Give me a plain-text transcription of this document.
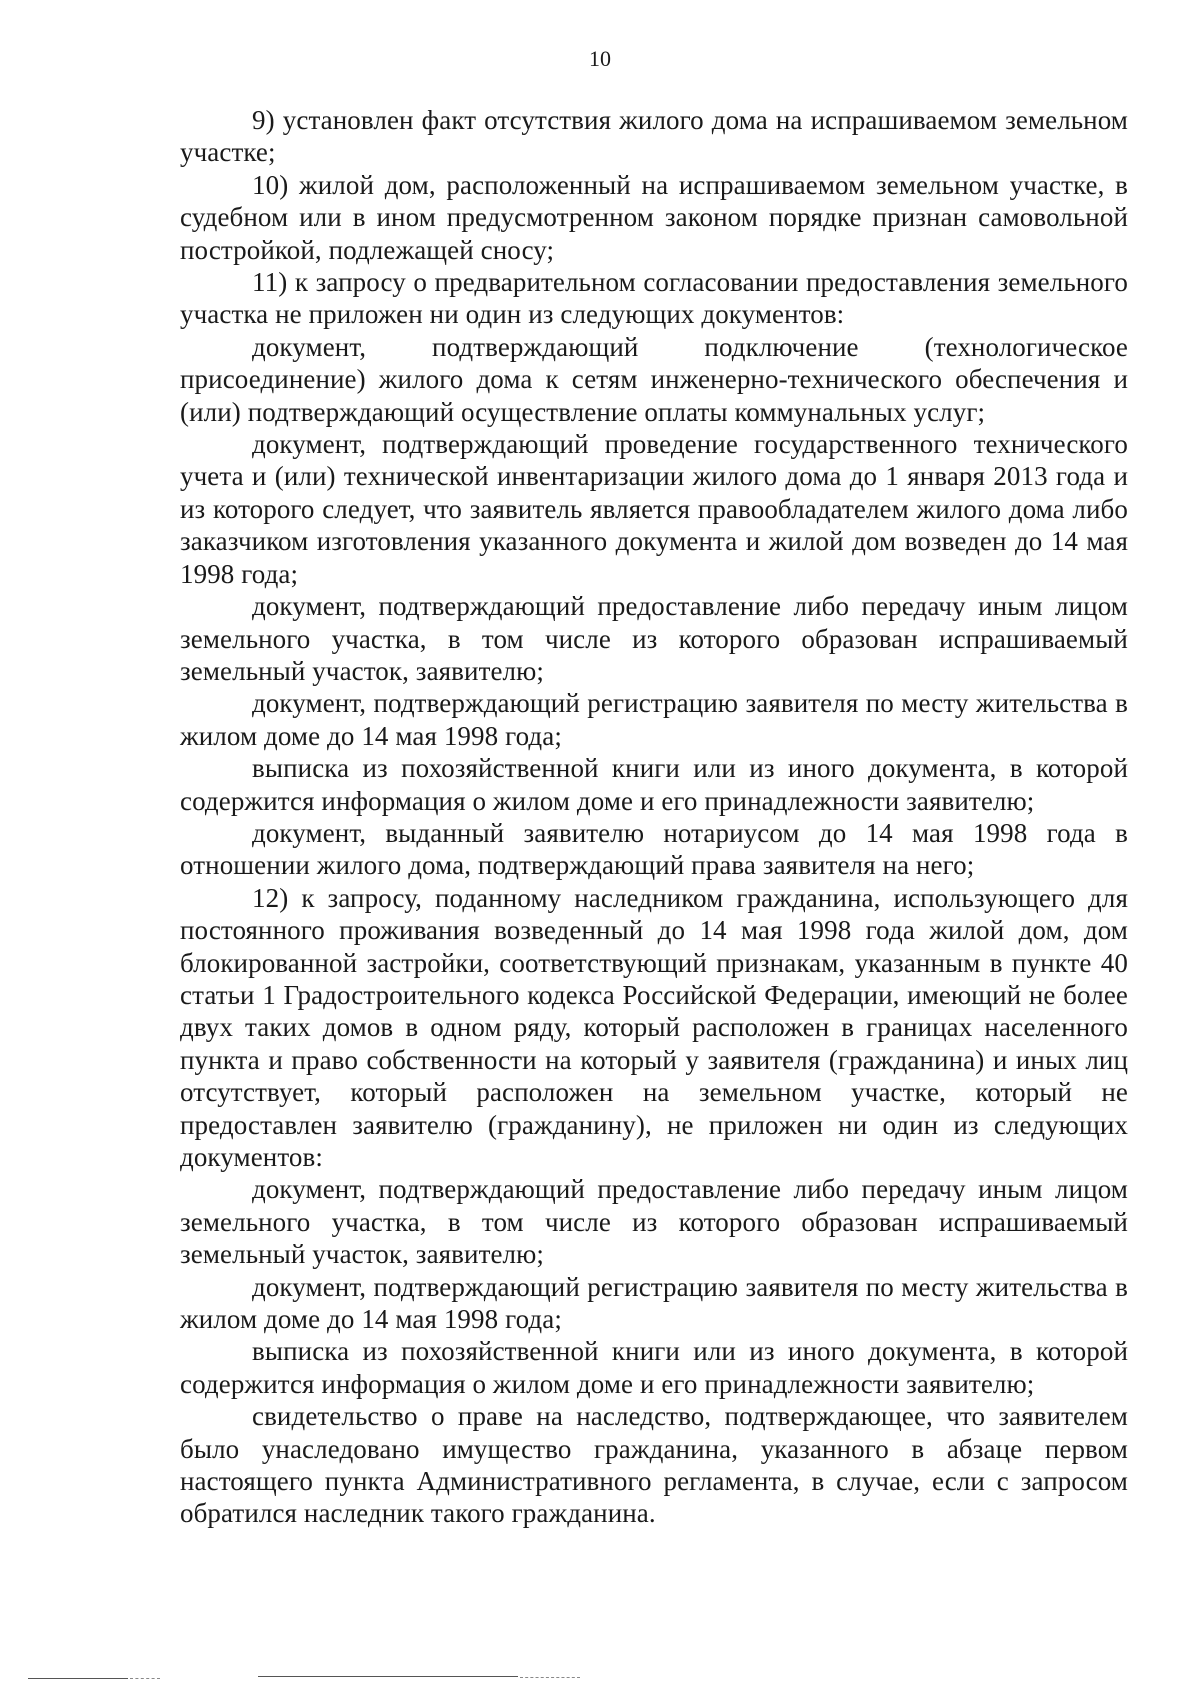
10

9) установлен факт отсутствия жилого дома на испрашиваемом земельном участке;

10) жилой дом, расположенный на испрашиваемом земельном участке, в судебном или в ином предусмотренном законом порядке признан самовольной постройкой, подлежащей сносу;

11) к запросу о предварительном согласовании предоставления земельного участка не приложен ни один из следующих документов:

документ, подтверждающий подключение (технологическое присоединение) жилого дома к сетям инженерно-технического обеспечения и (или) подтверждающий осуществление оплаты коммунальных услуг;

документ, подтверждающий проведение государственного технического учета и (или) технической инвентаризации жилого дома до 1 января 2013 года и из которого следует, что заявитель является правообладателем жилого дома либо заказчиком изготовления указанного документа и жилой дом возведен до 14 мая 1998 года;

документ, подтверждающий предоставление либо передачу иным лицом земельного участка, в том числе из которого образован испрашиваемый земельный участок, заявителю;

документ, подтверждающий регистрацию заявителя по месту жительства в жилом доме до 14 мая 1998 года;

выписка из похозяйственной книги или из иного документа, в которой содержится информация о жилом доме и его принадлежности заявителю;

документ, выданный заявителю нотариусом до 14 мая 1998 года в отношении жилого дома, подтверждающий права заявителя на него;

12) к запросу, поданному наследником гражданина, использующего для постоянного проживания возведенный до 14 мая 1998 года жилой дом, дом блокированной застройки, соответствующий признакам, указанным в пункте 40 статьи 1 Градостроительного кодекса Российской Федерации, имеющий не более двух таких домов в одном ряду, который расположен в границах населенного пункта и право собственности на который у заявителя (гражданина) и иных лиц отсутствует, который расположен на земельном участке, который не предоставлен заявителю (гражданину), не приложен ни один из следующих документов:

документ, подтверждающий предоставление либо передачу иным лицом земельного участка, в том числе из которого образован испрашиваемый земельный участок, заявителю;

документ, подтверждающий регистрацию заявителя по месту жительства в жилом доме до 14 мая 1998 года;

выписка из похозяйственной книги или из иного документа, в которой содержится информация о жилом доме и его принадлежности заявителю;

свидетельство о праве на наследство, подтверждающее, что заявителем было унаследовано имущество гражданина, указанного в абзаце первом настоящего пункта Административного регламента, в случае, если с запросом обратился наследник такого гражданина.
